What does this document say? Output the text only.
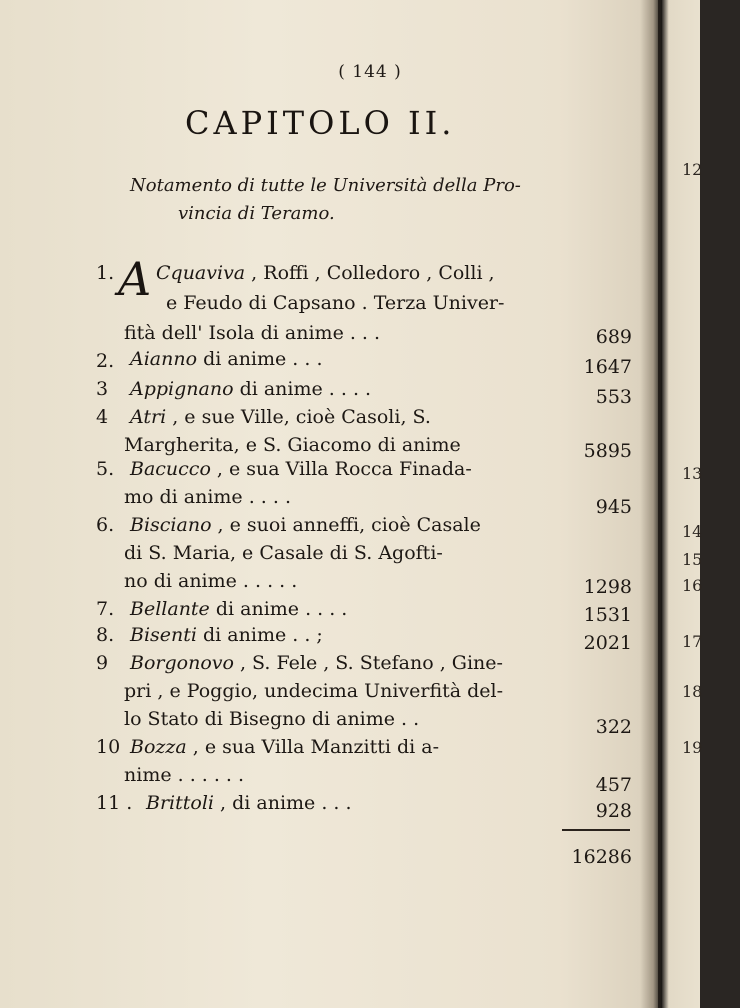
12
13
14
15
16
17
18
19
( 144 )
CAPITOLO II.
Notamento di tutte le Università della Pro-
vincia di Teramo.
1. A Cquaviva , Roffi , Colledoro , Colli ,
e Feudo di Capsano . Terza Univer-
fità dell' Isola di anime . . .	689
2. Aianno di anime . . .	1647
3 Appignano di anime . . . .	553
4 Atri , e sue Ville, cioè Casoli, S.
Margherita, e S. Giacomo di anime	5895
5. Bacucco , e sua Villa Rocca Finada-
mo di anime . . . .	945
6. Bisciano , e suoi anneffi, cioè Casale
di S. Maria, e Casale di S. Agofti-
no di anime . . . . .	1298
7. Bellante di anime . . . .	1531
8. Bisenti di anime . . ;	2021
9 Borgonovo , S. Fele , S. Stefano , Gine-
pri , e Poggio, undecima Univerfità del-
lo Stato di Bisegno di anime . .	322
10 Bozza , e sua Villa Manzitti di a-
nime . . . . . .	457
11 . Brittoli , di anime . . .	928
16286
